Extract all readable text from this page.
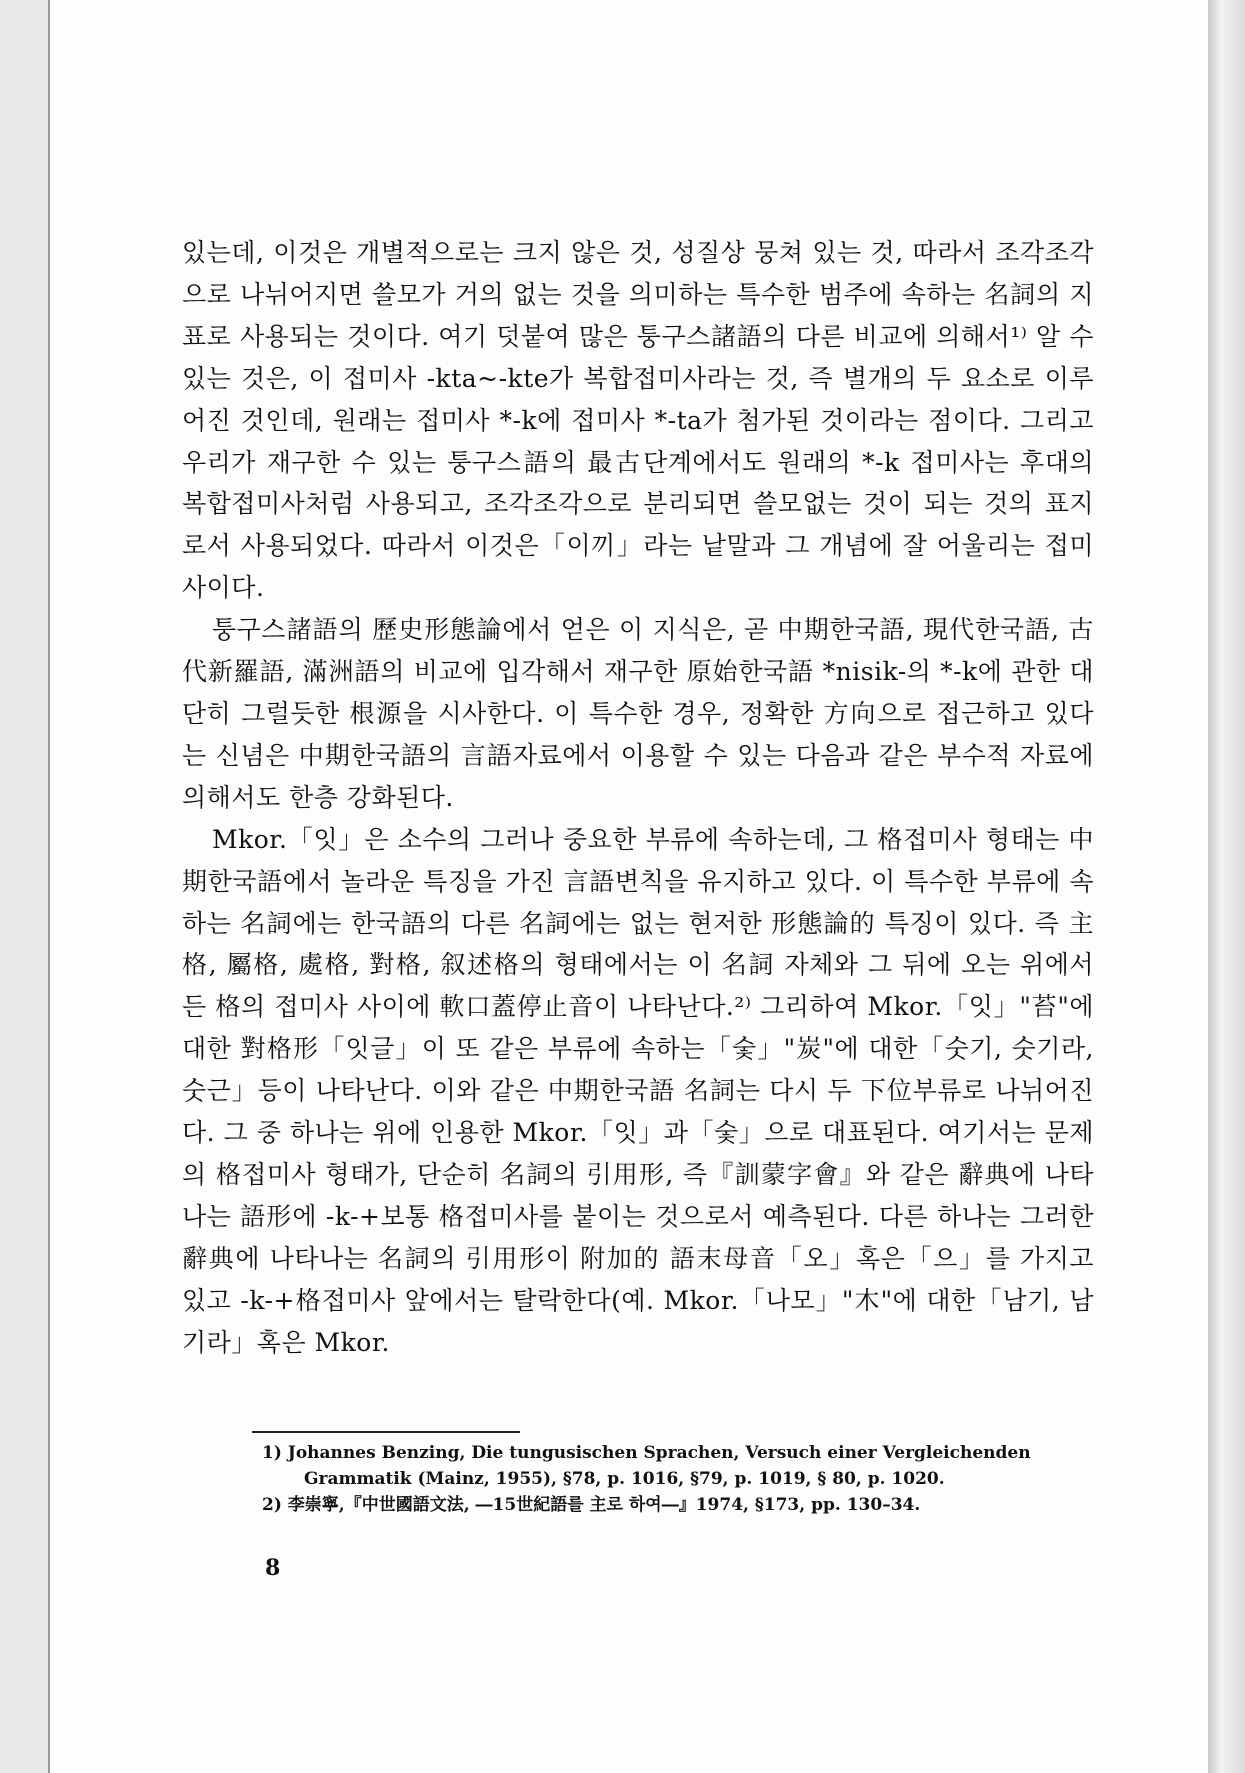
있는데, 이것은 개별적으로는 크지 않은 것, 성질상 뭉쳐 있는 것, 따라서 조각조각으로 나뉘어지면 쓸모가 거의 없는 것을 의미하는 특수한 범주에 속하는 名詞의 지표로 사용되는 것이다. 여기 덧붙여 많은 퉁구스諸語의 다른 비교에 의해서¹⁾ 알 수 있는 것은, 이 접미사 -kta~-kte가 복합접미사라는 것, 즉 별개의 두 요소로 이루어진 것인데, 원래는 접미사 *-k에 접미사 *-ta가 첨가된 것이라는 점이다. 그리고 우리가 재구한 수 있는 퉁구스語의 最古단계에서도 원래의 *-k 접미사는 후대의 복합접미사처럼 사용되고, 조각조각으로 분리되면 쓸모없는 것이 되는 것의 표지로서 사용되었다. 따라서 이것은「이끼」라는 낱말과 그 개념에 잘 어울리는 접미사이다.

퉁구스諸語의 歷史形態論에서 얻은 이 지식은, 곧 中期한국語, 現代한국語, 古代新羅語, 滿洲語의 비교에 입각해서 재구한 原始한국語 *nisik-의 *-k에 관한 대단히 그럴듯한 根源을 시사한다. 이 특수한 경우, 정확한 方向으로 접근하고 있다는 신념은 中期한국語의 言語자료에서 이용할 수 있는 다음과 같은 부수적 자료에 의해서도 한층 강화된다.

Mkor.「잇」은 소수의 그러나 중요한 부류에 속하는데, 그 格접미사 형태는 中期한국語에서 놀라운 특징을 가진 言語변칙을 유지하고 있다. 이 특수한 부류에 속하는 名詞에는 한국語의 다른 名詞에는 없는 현저한 形態論的 특징이 있다. 즉 主格, 屬格, 處格, 對格, 叙述格의 형태에서는 이 名詞 자체와 그 뒤에 오는 위에서 든 格의 접미사 사이에 軟口蓋停止音이 나타난다.²⁾ 그리하여 Mkor.「잇」"苔"에 대한 對格形「잇글」이 또 같은 부류에 속하는「숯」"炭"에 대한「숫기, 숫기라, 숫근」등이 나타난다. 이와 같은 中期한국語 名詞는 다시 두 下位부류로 나뉘어진다. 그 중 하나는 위에 인용한 Mkor.「잇」과「숯」으로 대표된다. 여기서는 문제의 格접미사 형태가, 단순히 名詞의 引用形, 즉『訓蒙字會』와 같은 辭典에 나타나는 語形에 -k-+보통 格접미사를 붙이는 것으로서 예측된다. 다른 하나는 그러한 辭典에 나타나는 名詞의 引用形이 附加的 語末母音「오」혹은「으」를 가지고 있고 -k-+格접미사 앞에서는 탈락한다(예. Mkor.「나모」"木"에 대한「남기, 남기라」혹은 Mkor.

1) Johannes Benzing, Die tungusischen Sprachen, Versuch einer Vergleichenden
Grammatik (Mainz, 1955), §78, p. 1016, §79, p. 1019, § 80, p. 1020.

2) 李崇寧,『中世國語文法, ―15世紀語를 主로 하여―』1974, §173, pp. 130–34.

8
